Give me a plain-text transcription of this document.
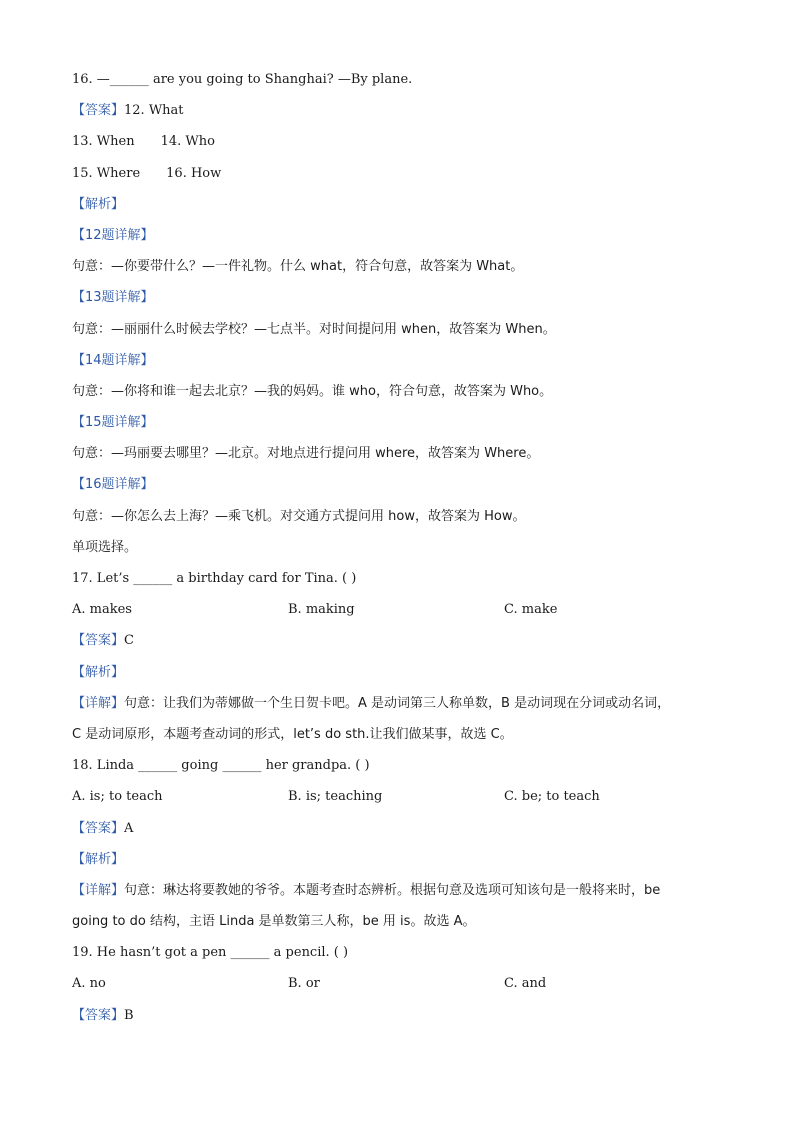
16. —______ are you going to Shanghai? —By plane.
【答案】12. What
13. When 14. Who
15. Where 16. How
【解析】
【12题详解】
句意：—你要带什么？—一件礼物。什么 what，符合句意，故答案为 What。
【13题详解】
句意：—丽丽什么时候去学校？—七点半。对时间提问用 when，故答案为 When。
【14题详解】
句意：—你将和谁一起去北京？—我的妈妈。谁 who，符合句意，故答案为 Who。
【15题详解】
句意：—玛丽要去哪里？—北京。对地点进行提问用 where，故答案为 Where。
【16题详解】
句意：—你怎么去上海？—乘飞机。对交通方式提问用 how，故答案为 How。
单项选择。
17. Let’s ______ a birthday card for Tina. ( )
A. makes	B. making	C. make
【答案】C
【解析】
【详解】句意：让我们为蒂娜做一个生日贺卡吧。A 是动词第三人称单数，B 是动词现在分词或动名词，
C 是动词原形，本题考查动词的形式，let’s do sth.让我们做某事，故选 C。
18. Linda ______ going ______ her grandpa. ( )
A. is; to teach	B. is; teaching	C. be; to teach
【答案】A
【解析】
【详解】句意：琳达将要教她的爷爷。本题考查时态辨析。根据句意及选项可知该句是一般将来时，be
going to do 结构，主语 Linda 是单数第三人称，be 用 is。故选 A。
19. He hasn’t got a pen ______ a pencil. ( )
A. no	B. or	C. and
【答案】B
